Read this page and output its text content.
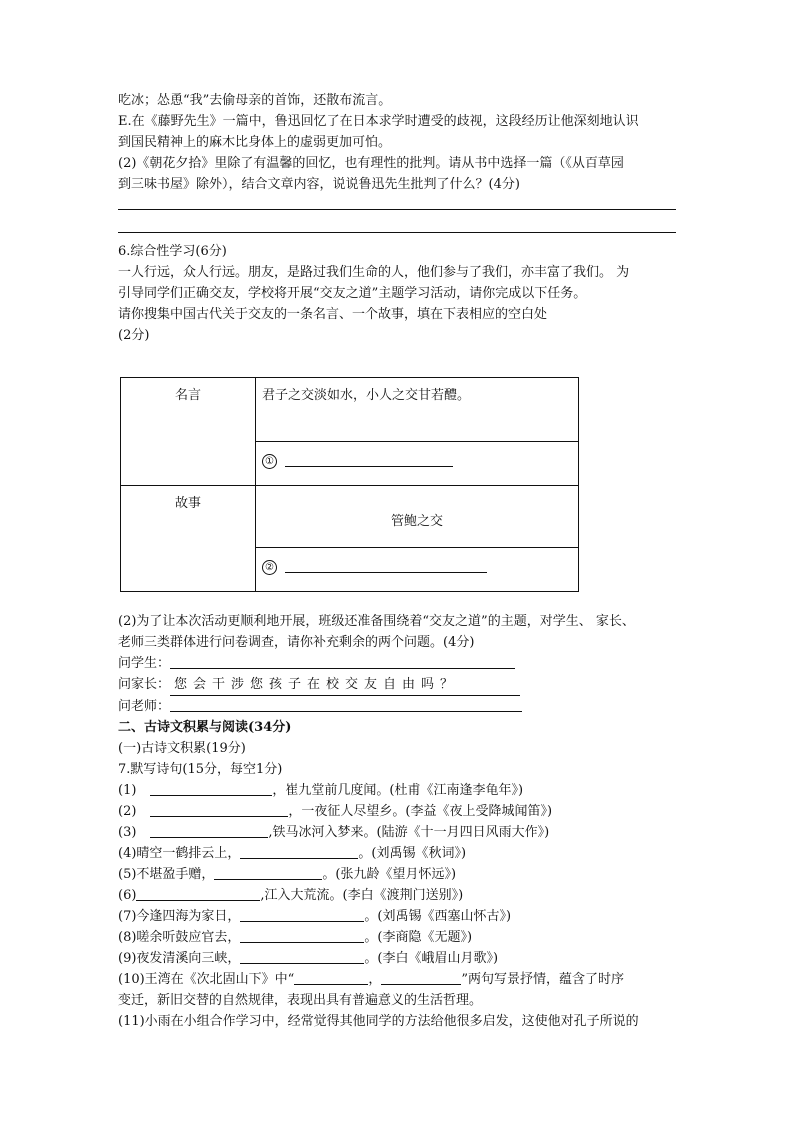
吃冰；怂恿“我”去偷母亲的首饰，还散布流言。
E.在《藤野先生》一篇中，鲁迅回忆了在日本求学时遭受的歧视，这段经历让他深刻地认识
到国民精神上的麻木比身体上的虚弱更加可怕。
(2)《朝花夕拾》里除了有温馨的回忆，也有理性的批判。请从书中选择一篇（《从百草园
到三味书屋》除外），结合文章内容，说说鲁迅先生批判了什么？(4分)
6.综合性学习(6分)
一人行远，众人行远。朋友，是路过我们生命的人，他们参与了我们，亦丰富了我们。 为
引导同学们正确交友，学校将开展“交友之道”主题学习活动，请你完成以下任务。
请你搜集中国古代关于交友的一条名言、一个故事，填在下表相应的空白处
(2分)
名言	君子之交淡如水，小人之交甘若醴。

	①

故事	管鲍之交

	②
(2)为了让本次活动更顺利地开展，班级还准备围绕着“交友之道”的主题，对学生、 家长、
老师三类群体进行问卷调查，请你补充剩余的两个问题。(4分)
问学生：
问家长： 您会干涉您孩子在校交友自由吗？
问老师：
二、古诗文积累与阅读(34分)
(一)古诗文积累(19分)
7.默写诗句(15分，每空1分)
(1)	，崔九堂前几度闻。(杜甫《江南逢李龟年》)
(2)	，一夜征人尽望乡。(李益《夜上受降城闻笛》)
(3)	,铁马冰河入梦来。(陆游《十一月四日风雨大作》)
(4)晴空一鹤排云上，	。(刘禹锡《秋词》)
(5)不堪盈手赠，	。(张九龄《望月怀远》)
(6)	,江入大荒流。(李白《渡荆门送别》)
(7)今逢四海为家日，	。(刘禹锡《西塞山怀古》)
(8)嗟余听鼓应官去，	。(李商隐《无题》)
(9)夜发清溪向三峡，	。(李白《峨眉山月歌》)
(10)王湾在《次北固山下》中“	，	”两句写景抒情，蕴含了时序
变迁，新旧交替的自然规律，表现出具有普遍意义的生活哲理。
(11)小雨在小组合作学习中，经常觉得其他同学的方法给他很多启发，这使他对孔子所说的
